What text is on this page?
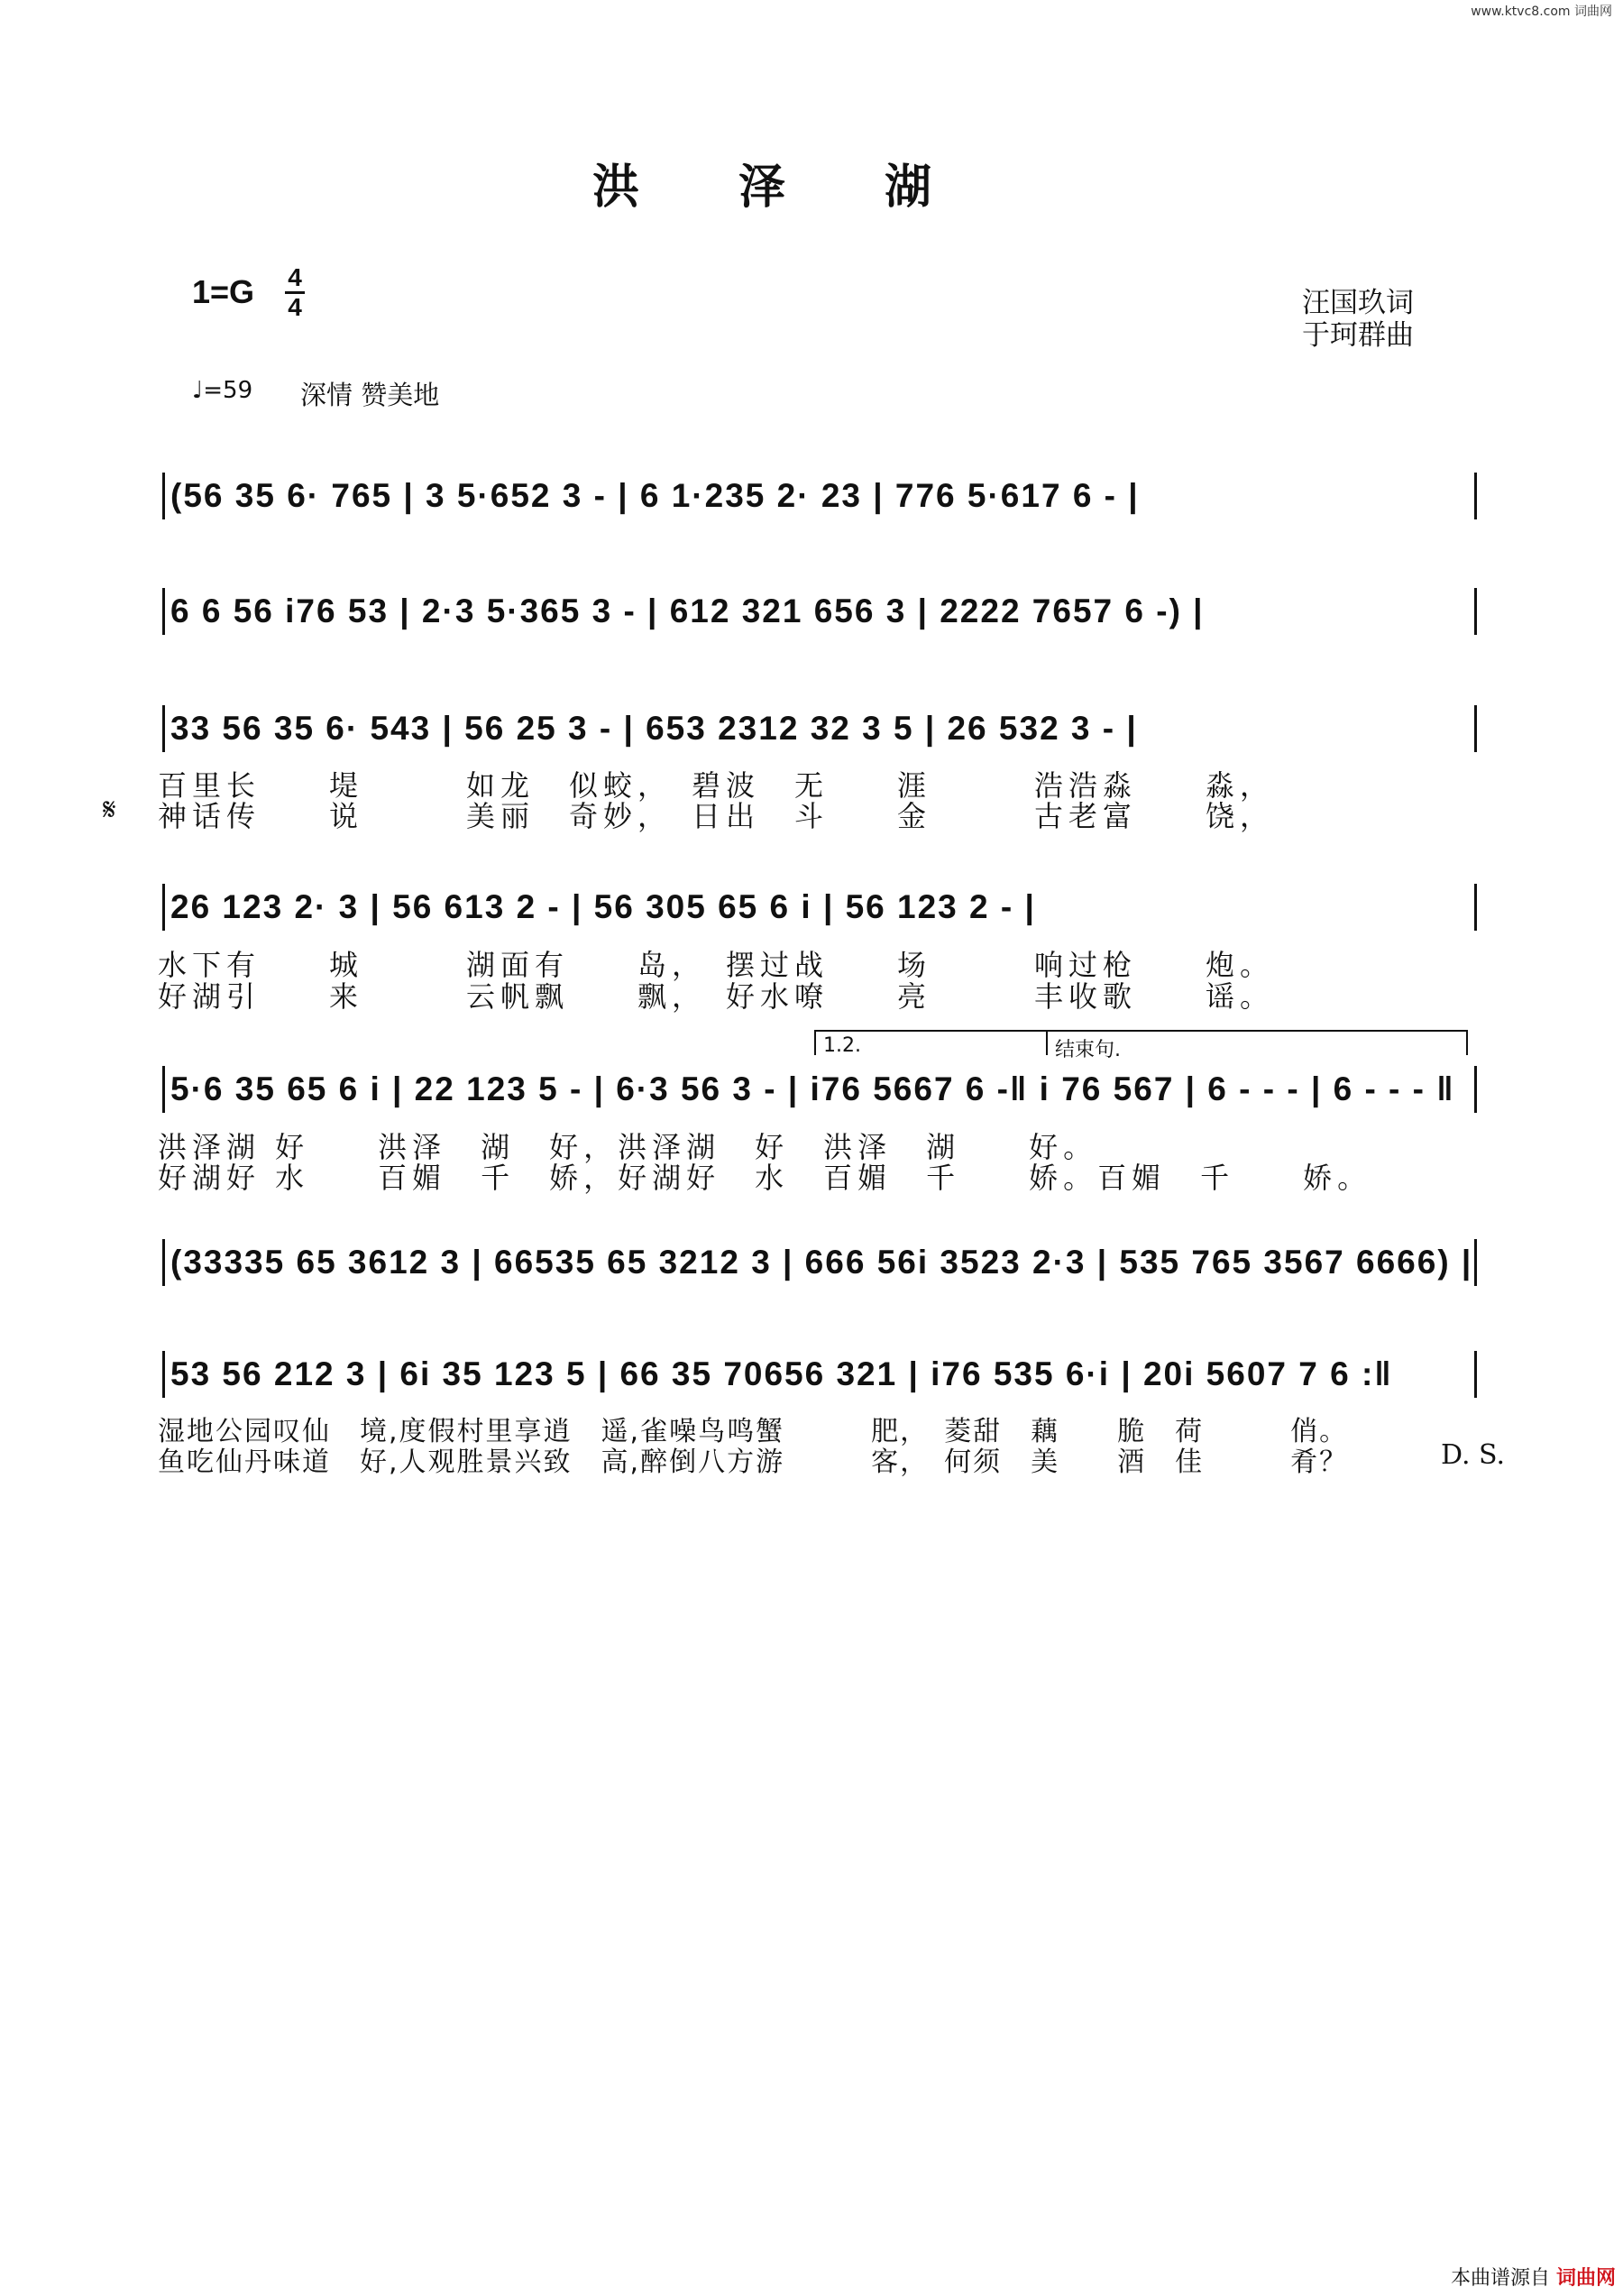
www.ktvc8.com 词曲网
洪泽湖
1=G 4
4	汪国玖词
于珂群曲
♩=59 深情 赞美地
(56 35 6· 765 | 3 5·652 3 - | 6 1·235 2· 23 | 776 5·617 6 - |
6 6 56 i76 53 | 2·3 5·365 3 - | 612 321 656 3 | 2222 7657 6 -) |
33 56 35 6· 543 | 56 25 3 - | 653 2312 32 3 5 | 26 532 3 - |
百里长　　堤　　　如龙　似蛟，　碧波　无　　涯　　　浩浩淼　　淼，
𝄋 神话传　　说　　　美丽　奇妙，　日出　斗　　金　　　古老富　　饶，
26 123 2· 3 | 56 613 2 - | 56 305 65 6 i | 56 123 2 - |
水下有　　城　　　湖面有　　岛，　摆过战　　场　　　响过枪　　炮。
好湖引　　来　　　云帆飘　　飘，　好水嘹　　亮　　　丰收歌　　谣。
1.2.	结束句.
5·6 35 65 6 i | 22 123 5 - | 6·3 56 3 - | i76 5667 6 -‖ i 76 567 | 6 - - - | 6 - - - ‖
洪泽湖 好　　洪泽　湖　好，洪泽湖　好　洪泽　湖　　好。
好湖好 水　　百媚　千　娇，好湖好　水　百媚　千　　娇。百媚　千　　娇。
(33335 65 3612 3 | 66535 65 3212 3 | 666 56i 3523 2·3 | 535 765 3567 6666) |
53 56 212 3 | 6i 35 123 5 | 66 35 70656 321 | i76 535 6·i | 20i 5607 7 6 :‖
湿地公园叹仙　境,度假村里享逍　遥,雀噪鸟鸣蟹　　　肥，　菱甜　藕　　脆　荷　　　俏。
鱼吃仙丹味道　好,人观胜景兴致　高,醉倒八方游　　　客，　何须　美　　酒　佳　　　肴？	D. S.
本曲谱源自 词曲网
